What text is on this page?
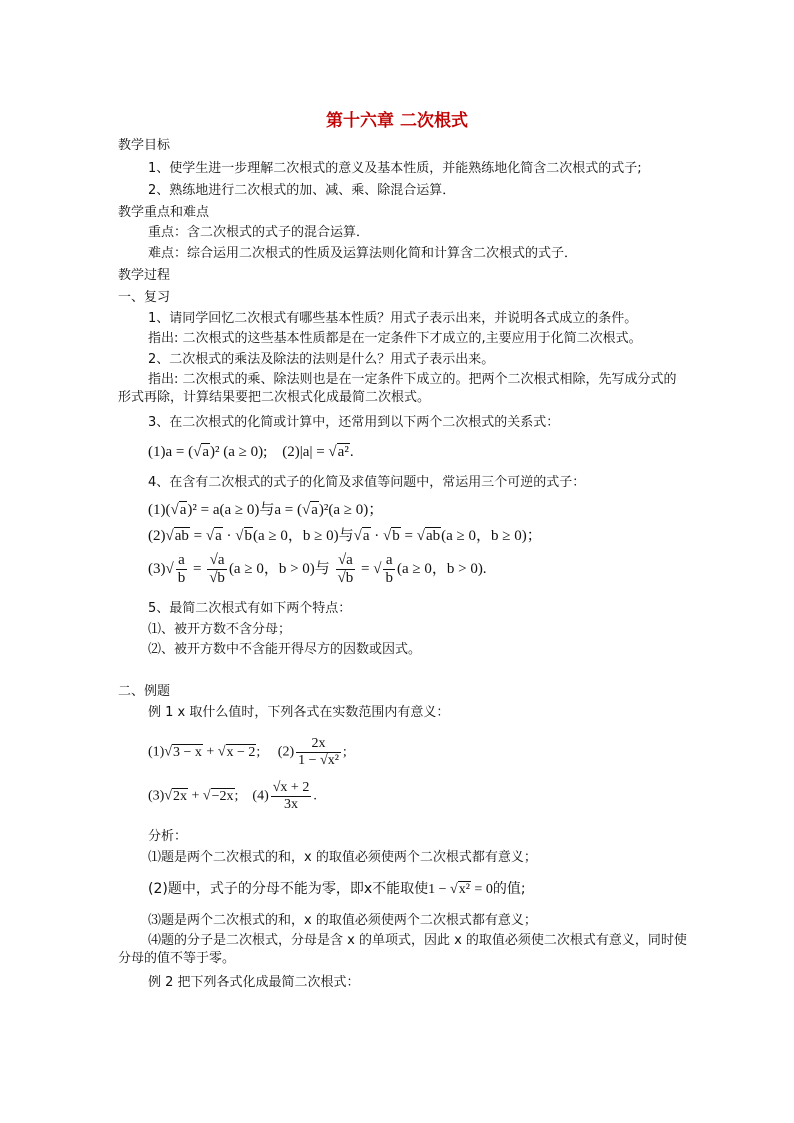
第十六章 二次根式
教学目标
1、使学生进一步理解二次根式的意义及基本性质，并能熟练地化简含二次根式的式子;
2、熟练地进行二次根式的加、减、乘、除混合运算．
教学重点和难点
重点：含二次根式的式子的混合运算．
难点：综合运用二次根式的性质及运算法则化简和计算含二次根式的式子．
教学过程
一、复习
1、请同学回忆二次根式有哪些基本性质？用式子表示出来，并说明各式成立的条件。
指出: 二次根式的这些基本性质都是在一定条件下才成立的,主要应用于化简二次根式。
2、二次根式的乘法及除法的法则是什么？用式子表示出来。
指出: 二次根式的乘、除法则也是在一定条件下成立的。把两个二次根式相除，先写成分式的形式再除，计算结果要把二次根式化成最简二次根式。
3、在二次根式的化简或计算中，还常用到以下两个二次根式的关系式：
(1)a = (√a)² (a ≥ 0);    (2)|a| = √a².
4、在含有二次根式的式子的化简及求值等问题中，常运用三个可逆的式子：
(1)(√a)² = a(a ≥ 0)与a = (√a)²(a ≥ 0)；
(2)√ab = √a · √b(a ≥ 0，b ≥ 0)与√a · √b = √ab(a ≥ 0，b ≥ 0)；
$(3)√ \frac{a}{b} = \frac{√a}{√b} (a \ge 0$，b > 0)与 $\frac{√a}{√b}$ = √ $\frac{a}{b} (a \ge 0$，b > 0).
5、最简二次根式有如下两个特点：
⑴、被开方数不含分母；
⑵、被开方数中不含能开得尽方的因数或因式。
二、例题
例 1 x 取什么值时，下列各式在实数范围内有意义：
(1)√3 − x + √x − 2;     $(2) \frac{2x}{\text{1 − √x²}}$ ;
(3)√2x + √−2x;    $(4) \frac{√x + 2}{3x}$ .
分析：
⑴题是两个二次根式的和，x 的取值必须使两个二次根式都有意义；
(2)题中，式子的分母不能为零，即x不能取使1 − √x² = 0的值;
⑶题是两个二次根式的和，x 的取值必须使两个二次根式都有意义；
⑷题的分子是二次根式，分母是含 x 的单项式，因此 x 的取值必须使二次根式有意义，同时使分母的值不等于零。
例 2 把下列各式化成最简二次根式：
